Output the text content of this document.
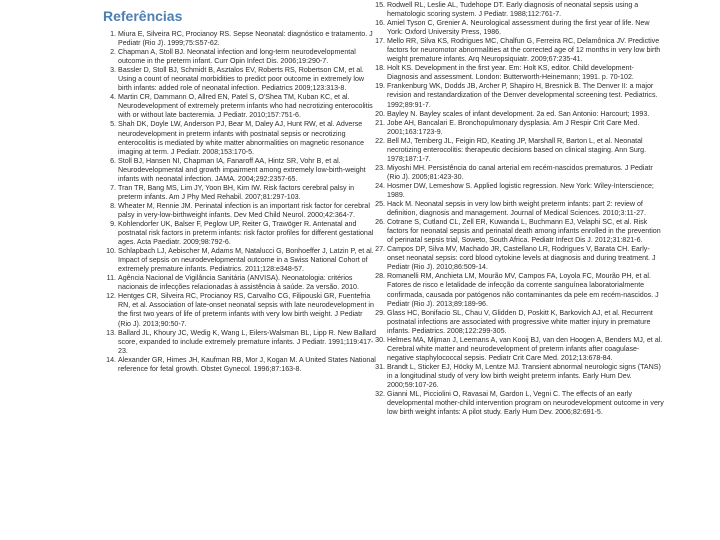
Referências

1. Miura E, Silveira RC, Procianoy RS. Sepse Neonatal: diagnóstico e tratamento. J Pediatr (Rio J). 1999;75:S57-62.

2. Chapman A, Stoll BJ. Neonatal infection and long-term neurodevelopmental outcome in the preterm infant. Curr Opin Infect Dis. 2006;19:290-7.

3. Bassler D, Stoll BJ, Schmidt B, Asztalos EV, Roberts RS, Robertson CM, et al. Using a count of neonatal morbidities to predict poor outcome in extremely low birth infants: added role of neonatal infection. Pediatrics 2009;123:313-8.

4. Martin CR, Dammann O, Allred EN, Patel S, O'Shea TM, Kuban KC, et al. Neurodevelopment of extremely preterm infants who had necrotizing enterocolitis with or without late bacteremia. J Pediatr. 2010;157:751-6.

5. Shah DK, Doyle LW, Anderson PJ, Bear M, Daley AJ, Hunt RW, et al. Adverse neurodevelopment in preterm infants with postnatal sepsis or necrotizing enterocolitis is mediated by white matter abnormalities on magnetic resonance imaging at term. J Pediatr. 2008;153:170-5.

6. Stoll BJ, Hansen NI, Chapman IA, Fanaroff AA, Hintz SR, Vohr B, et al. Neurodevelopmental and growth impairment among extremely low-birth-weight infants with neonatal infection. JAMA. 2004;292:2357-65.

7. Tran TR, Bang MS, Lim JY, Yoon BH, Kim IW. Risk factors cerebral palsy in preterm infants. Am J Phy Med Rehabil. 2007;81:297-103.

8. Wheater M, Rennie JM. Perinatal infection is an important risk factor for cerebral palsy in very-low-birthweight infants. Dev Med Child Neurol. 2000;42:364-7.

9. Kohlendorfer UK, Balser F, Peglow UP, Reiter G, Trawöger R. Antenatal and postnatal risk factors in preterm infants: risk factor profiles for different gestational ages. Acta Paediatr. 2009;98:792-6.

10. Schlapbach LJ, Aebischer M, Adams M, Natalucci G, Bonhoeffer J, Latzin P, et al. Impact of sepsis on neurodevelopmental outcome in a Swiss National Cohort of extremely premature infants. Pediatrics. 2011;128:e348-57.

11. Agência Nacional de Vigilância Sanitária (ANVISA). Neonatologia: critérios nacionais de infecções relacionadas à assistência à saúde. 2a versão. 2010.

12. Hentges CR, Silveira RC, Procianoy RS, Carvalho CG, Filipouski GR, Fuentefria RN, et al. Association of late-onset neonatal sepsis with late neurodevelopment in the first two years of life of preterm infants with very low birth weight. J Pediatr (Rio J). 2013;90:50-7.

13. Ballard JL, Khoury JC, Wedig K, Wang L, Eilers-Walsman BL, Lipp R. New Ballard score, expanded to include extremely premature infants. J Pediatr. 1991;119:417-23.

14. Alexander GR, Himes JH, Kaufman RB, Mor J, Kogan M. A United States National reference for fetal growth. Obstet Gynecol. 1996;87:163-8.

15. Rodwell RL, Leslie AL, Tudehope DT. Early diagnosis of neonatal sepsis using a hematologic scoring system. J Pediatr. 1988;112:761-7.

16. Amiel Tyson C, Grenier A. Neurological assessment during the first year of life. New York: Oxford University Press, 1986.

17. Mello RR, Silva KS, Rodrigues MC, Chalfun G, Ferreira RC, Delamônica JV. Predictive factors for neuromotor abnormalities at the corrected age of 12 months in very low birth weight premature infants. Arq Neuropsiquiatr. 2009;67:235-41.

18. Holt KS. Development in the first year. Em: Holt KS, editor. Child development-Diagnosis and assessment. London: Butterworth-Heinemann; 1991. p. 70-102.

19. Frankenburg WK, Dodds JB, Archer P, Shapiro H, Bresnick B. The Denver II: a major revision and restandardization of the Denver developmental screening test. Pediatrics. 1992;89:91-7.

20. Bayley N. Bayley scales of infant development. 2a ed. San Antonio: Harcourt; 1993.

21. Jobe AH, Bancalari E. Bronchopulmonary dysplasia. Am J Respir Crit Care Med. 2001;163:1723-9.

22. Bell MJ, Ternberg JL, Feigin RD, Keating JP, Marshall R, Barton L, et al. Neonatal necrotizing enterocolitis: therapeutic decisions based on clinical staging. Ann Surg. 1978;187:1-7.

23. Miyoshi MH. Persistência do canal arterial em recém-nascidos prematuros. J Pediatr (Rio J). 2005;81:423-30.

24. Hosmer DW, Lemeshow S. Applied logistic regression. New York: Wiley-Interscience; 1989.

25. Hack M. Neonatal sepsis in very low birth weight preterm infants: part 2: review of definition, diagnosis and management. Journal of Medical Sciences. 2010;3:11-27.

26. Cotrane S, Cutland CL, Zell ER, Kuwanda L, Buchmann EJ, Velaphi SC, et al. Risk factors for neonatal sepsis and perinatal death among infants enrolled in the prevention of perinatal sepsis trial, Soweto, South Africa. Pediatr Infect Dis J. 2012;31:821-6.

27. Campos DP, Silva MV, Machado JR, Castellano LR, Rodrigues V, Barata CH. Early-onset neonatal sepsis: cord blood cytokine levels at diagnosis and during treatment. J Pediatr (Rio J). 2010;86:509-14.

28. Romanelli RM, Anchieta LM, Mourão MV, Campos FA, Loyola FC, Mourão PH, et al. Fatores de risco e letalidade de infecção da corrente sanguínea laboratorialmente confirmada, causada por patógenos não contaminantes da pele em recém-nascidos. J Pediatr (Rio J). 2013;89:189-96.

29. Glass HC, Bonifacio SL, Chau V, Glidden D, Poskitt K, Barkovich AJ, et al. Recurrent postnatal infections are associated with progressive white matter injury in premature infants. Pediatrics. 2008;122:299-305.

30. Helmes MA, Mijman J, Leemans A, van Kooij BJ, van den Hoogen A, Benders MJ, et al. Cerebral white matter and neurodevelopment of preterm infants after coagulase-negative staphylococcal sepsis. Pediatr Crit Care Med. 2012;13:678-84.

31. Brandt L, Sticker EJ, Höcky M, Lentze MJ. Transient abnormal neurologic signs (TANS) in a longitudinal study of very low birth weight preterm infants. Early Hum Dev. 2000;59:107-26.

32. Gianni ML, Picciolini O, Ravasai M, Gardon L, Vegni C. The effects of an early developmental mother-child intervention program on neurodevelopment outcome in very low birth weight infants: A pilot study. Early Hum Dev. 2006;82:691-5.
